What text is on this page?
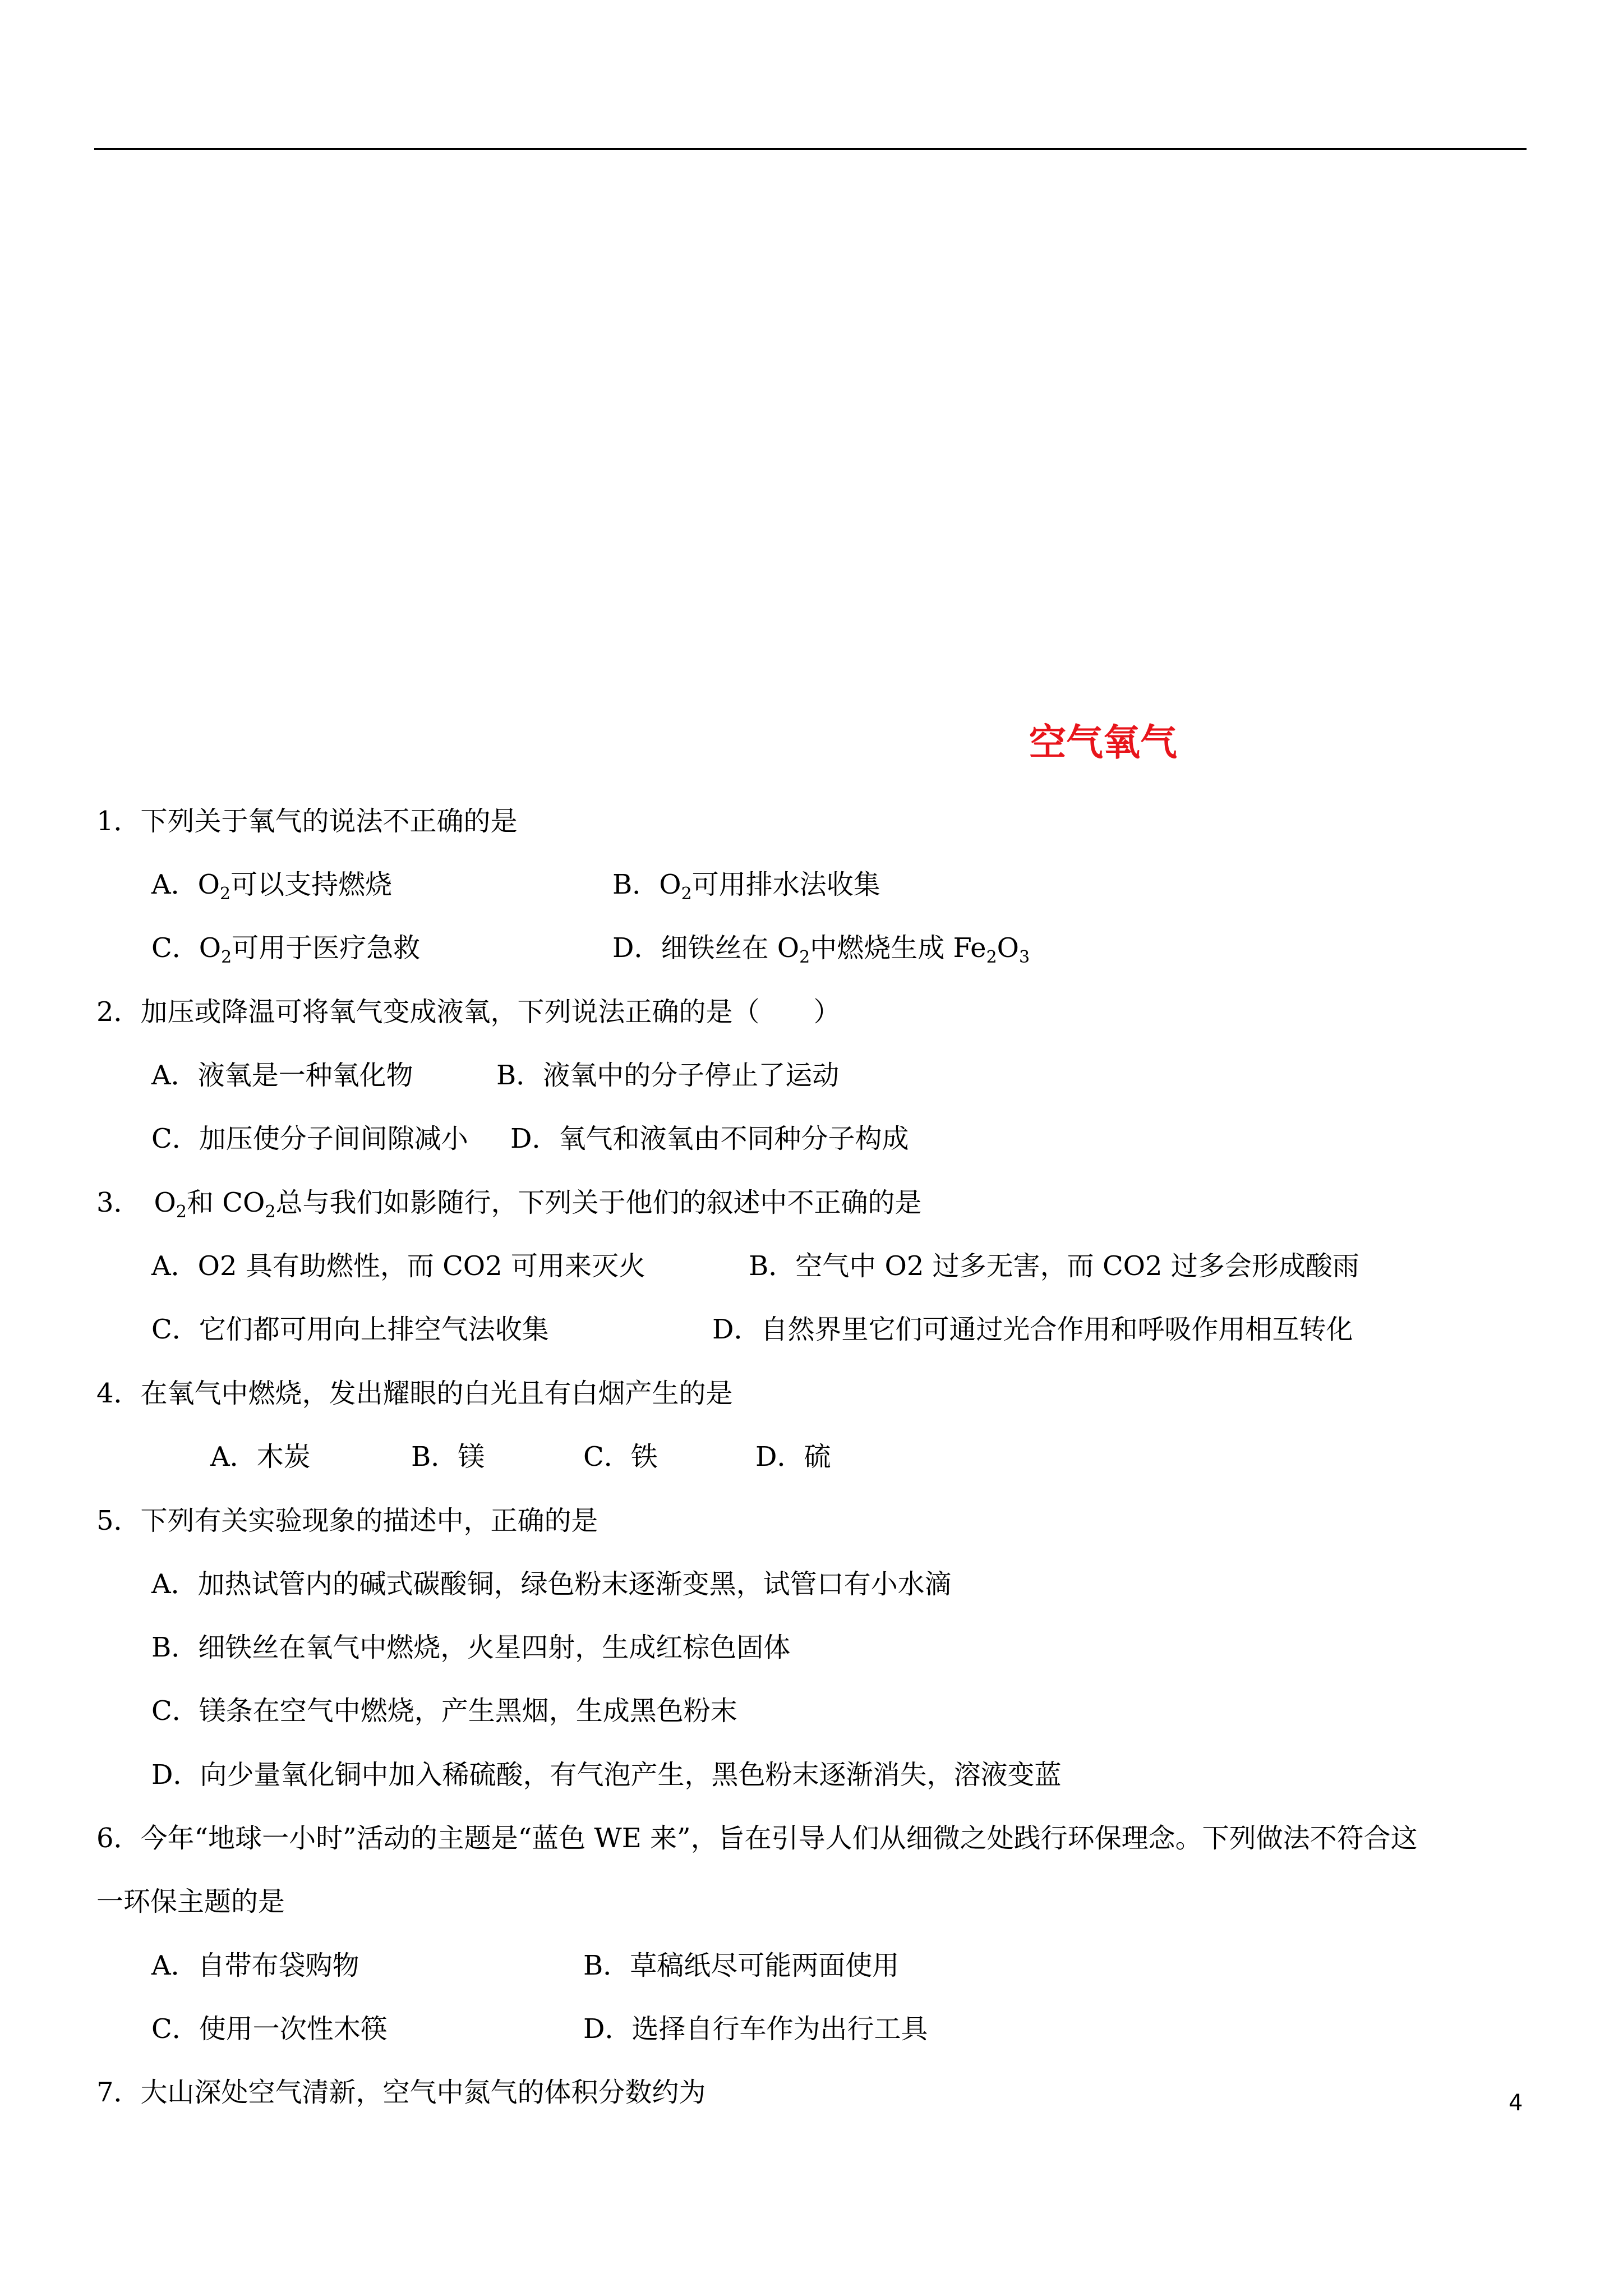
空气氧气
1．下列关于氧气的说法不正确的是
A．$O_2$可以支持燃烧	B．$O_2$可用排水法收集
C．$O_2$可用于医疗急救	D．细铁丝在 $O_2$中燃烧生成 $Fe_2O_3$
2．加压或降温可将氧气变成液氧，下列说法正确的是（　　）
A．液氧是一种氧化物	B．液氧中的分子停止了运动
C．加压使分子间间隙减小 D．氧气和液氧由不同种分子构成
3．　$O_2$和 $CO_2$总与我们如影随行，下列关于他们的叙述中不正确的是
A．O2 具有助燃性，而 CO2 可用来灭火	B．空气中 O2 过多无害，而 CO2 过多会形成酸雨
C．它们都可用向上排空气法收集	D．自然界里它们可通过光合作用和呼吸作用相互转化
4．在氧气中燃烧，发出耀眼的白光且有白烟产生的是
A．木炭	B．镁	C．铁	D．硫
5．下列有关实验现象的描述中，正确的是
A．加热试管内的碱式碳酸铜，绿色粉末逐渐变黑，试管口有小水滴
B．细铁丝在氧气中燃烧，火星四射，生成红棕色固体
C．镁条在空气中燃烧，产生黑烟，生成黑色粉末
D．向少量氧化铜中加入稀硫酸，有气泡产生，黑色粉末逐渐消失，溶液变蓝
6．今年“地球一小时”活动的主题是“蓝色 WE 来”，旨在引导人们从细微之处践行环保理念。下列做法不符合这
一环保主题的是
A．自带布袋购物	B．草稿纸尽可能两面使用
C．使用一次性木筷	D．选择自行车作为出行工具
7．大山深处空气清新，空气中氮气的体积分数约为	4
